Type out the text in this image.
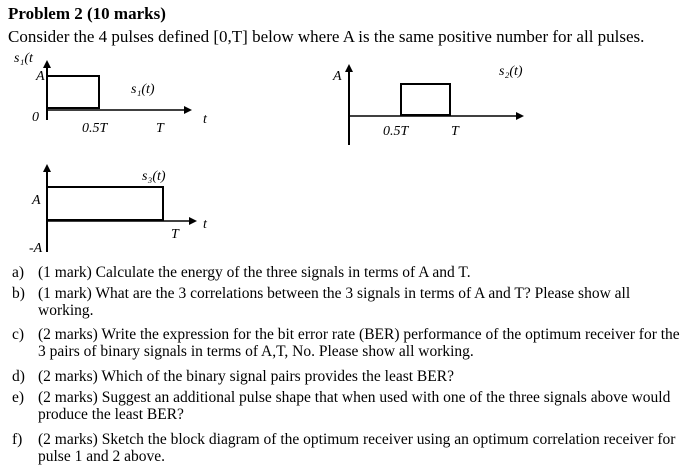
Problem 2 (10 marks)
Consider the 4 pulses defined [0,T] below where A is the same positive number for all pulses.
s₁(t
A
0
0.5T	T
t
s₁(t)
A
0.5T	T
s₂(t)
A
-A
T
t
s₃(t)
a) (1 mark) Calculate the energy of the three signals in terms of A and T.
b) (1 mark) What are the 3 correlations between the 3 signals in terms of A and T? Please show all working.
c) (2 marks) Write the expression for the bit error rate (BER) performance of the optimum receiver for the 3 pairs of binary signals in terms of A,T, No. Please show all working.
d) (2 marks) Which of the binary signal pairs provides the least BER?
e) (2 marks) Suggest an additional pulse shape that when used with one of the three signals above would produce the least BER?
f)	(2 marks) Sketch the block diagram of the optimum receiver using an optimum correlation receiver for pulse 1 and 2 above.
